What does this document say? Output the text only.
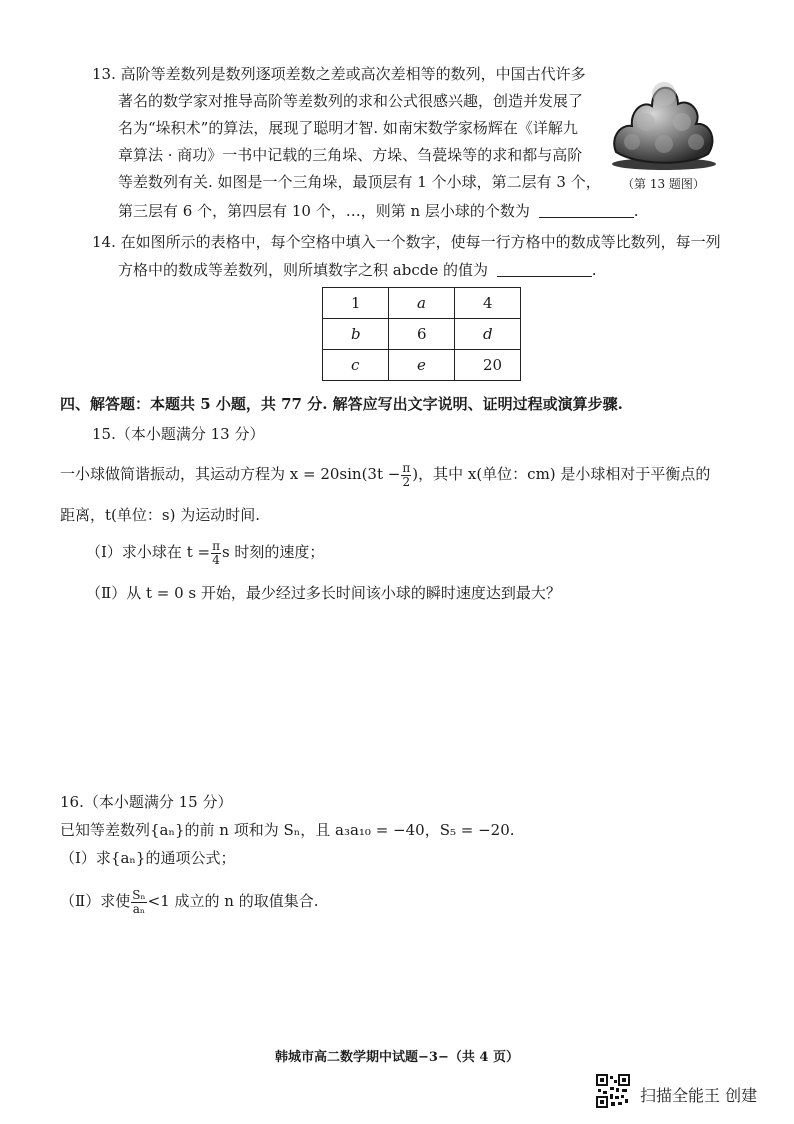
13. 高阶等差数列是数列逐项差数之差或高次差相等的数列，中国古代许多
著名的数学家对推导高阶等差数列的求和公式很感兴趣，创造并发展了
名为“垛积术”的算法，展现了聪明才智. 如南宋数学家杨辉在《详解九
章算法 · 商功》一书中记载的三角垛、方垛、刍甍垛等的求和都与高阶
等差数列有关. 如图是一个三角垛，最顶层有 1 个小球，第二层有 3 个，
第三层有 6 个，第四层有 10 个，…，则第 n 层小球的个数为	.
（第 13 题图）
14. 在如图所示的表格中，每个空格中填入一个数字，使每一行方格中的数成等比数列，每一列
方格中的数成等差数列，则所填数字之积 abcde 的值为	.
1	a	4
b	6	d
c	e	20
四、解答题：本题共 5 小题，共 77 分. 解答应写出文字说明、证明过程或演算步骤.
15.（本小题满分 13 分）
一小球做简谐振动，其运动方程为 $x = 20\sin(3t - \frac{\pi}{2}$ )，其中 x(单位：cm) 是小球相对于平衡点的
距离，t(单位：s) 为运动时间.
（Ⅰ）求小球在 $t = \frac{\pi}{4}$ s 时刻的速度；
（Ⅱ）从 t = 0 s 开始，最少经过多长时间该小球的瞬时速度达到最大？
16.（本小题满分 15 分）
已知等差数列{aₙ}的前 n 项和为 Sₙ，且 a₃a₁₀ = −40，S₅ = −20.
（Ⅰ）求{aₙ}的通项公式；
（Ⅱ）求使 $\frac{\text{Sₙ}}{\text{aₙ}} <1$ 成立的 n 的取值集合.
韩城市高二数学期中试题−3−（共 4 页）
扫描全能王 创建
